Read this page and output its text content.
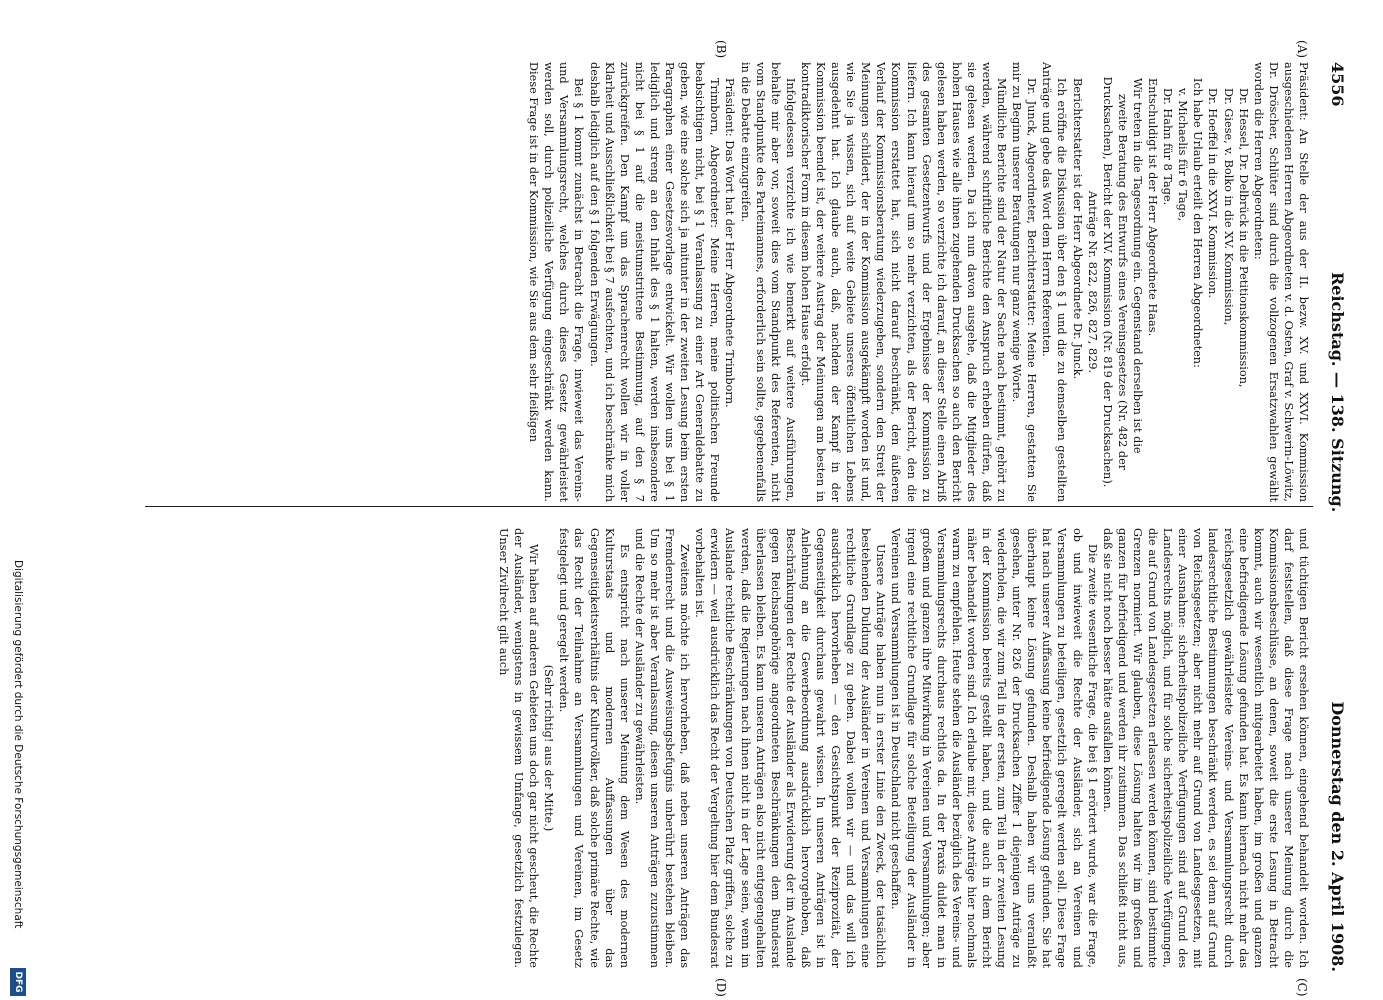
4556
Reichstag. — 138. Sitzung.
Donnerstag den 2. April 1908.
(A)
(B)
(C)
(D)

Präsident: An Stelle der aus der II. bezw. XV. und XXVI. Kommission ausgeschiedenen Herren Abgeordneten v. d. Osten, Graf v. Schwerin-Löwitz, Dr. Dröscher, Schlüter sind durch die vollzogenen Ersatzwahlen gewählt worden die Herren Abgeordneten:

Dr. Hessel, Dr. Delbrück in die Petitionskommission,

Dr. Giese, v. Bolko in die XV. Kommission,

Dr. Hoeffel in die XXVI. Kommission.

Ich habe Urlaub erteilt den Herren Abgeordneten:

v. Michaelis für 6 Tage,

Dr. Hahn für 8 Tage.

Entschuldigt ist der Herr Abgeordnete Haas.

Wir treten in die Tagesordnung ein. Gegenstand derselben ist die

zweite Beratung des Entwurfs eines Vereinsgesetzes (Nr. 482 der Drucksachen), Bericht der XIV. Kommission (Nr. 819 der Drucksachen).

Anträge Nr. 822, 826, 827, 829.

Berichterstatter ist der Herr Abgeordnete Dr. Junck.

Ich eröffne die Diskussion über den § 1 und die zu demselben gestellten Anträge und gebe das Wort dem Herrn Referenten.

Dr. Junck, Abgeordneter, Berichterstatter: Meine Herren, gestatten Sie mir zu Beginn unserer Beratungen nur ganz wenige Worte.

Mündliche Berichte sind der Natur der Sache nach bestimmt, gehört zu werden, während schriftliche Berichte den Anspruch erheben dürfen, daß sie gelesen werden. Da ich nun davon ausgehe, daß die Mitglieder des hohen Hauses wie alle ihnen zugehenden Drucksachen so auch den Bericht gelesen haben werden, so verzichte ich darauf, an dieser Stelle einen Abriß des gesamten Gesetzentwurfs und der Ergebnisse der Kommission zu liefern. Ich kann hierauf um so mehr verzichten, als der Bericht, den die Kommission erstattet hat, sich nicht darauf beschränkt, den äußeren Verlauf der Kommissionsberatung wiederzugeben, sondern den Streit der Meinungen schildert, der in der Kommission ausgekämpft worden ist und, wie Sie ja wissen, sich auf weite Gebiete unseres öffentlichen Lebens ausgedehnt hat. Ich glaube auch, daß, nachdem der Kampf in der Kommission beendet ist, der weitere Austrag der Meinungen am besten in kontradiktorischer Form in diesem hohen Hause erfolgt.

Infolgedessen verzichte ich wie bemerkt auf weitere Ausführungen, behalte mir aber vor, soweit dies vom Standpunkt des Referenten, nicht vom Standpunkte des Parteimannes, erforderlich sein sollte, gegebenenfalls in die Debatte einzugreifen.

Präsident: Das Wort hat der Herr Abgeordnete Trimborn.

Trimborn, Abgeordneter: Meine Herren, meine politischen Freunde beabsichtigen nicht, bei § 1 Veranlassung zu einer Art Generaldebatte zu geben, wie eine solche sich ja mitunter in der zweiten Lesung beim ersten Paragraphen einer Gesetzesvorlage entwickelt. Wir wollen uns bei § 1 lediglich und streng an den Inhalt des § 1 halten, werden insbesondere nicht bei § 1 auf die meistumstrittene Bestimmung, auf den § 7 zurückgreifen. Den Kampf um das Sprachenrecht wollen wir in voller Klarheit und Ausschließlichkeit bei § 7 ausfechten, und ich beschränke mich deshalb lediglich auf den § 1 folgenden Erwägungen.

Bei § 1 kommt zunächst in Betracht die Frage, inwieweit das Vereins- und Versammlungsrecht, welches durch dieses Gesetz gewährleistet werden soll, durch polizeiliche Verfügung eingeschränkt werden kann. Diese Frage ist in der Kommission, wie Sie aus dem sehr fleißigen

und tüchtigen Bericht ersehen können, eingehend behandelt worden. Ich darf feststellen, daß diese Frage nach unserer Meinung durch die Kommissionsbeschlüsse, an denen, soweit die erste Lesung in Betracht kommt, auch wir wesentlich mitgearbeitet haben, im großen und ganzen eine befriedigende Lösung gefunden hat. Es kann hiernach nicht mehr das reichsgesetzlich gewährleistete Vereins- und Versammlungsrecht durch landesrechtliche Bestimmungen beschränkt werden, es sei denn auf Grund von Reichsgesetzen; aber nicht mehr auf Grund von Landesgesetzen, mit einer Ausnahme: sicherheitspolizeiliche Verfügungen sind auf Grund des Landesrechts möglich, und für solche sicherheitspolizeiliche Verfügungen, die auf Grund von Landesgesetzen erlassen werden können, sind bestimmte Grenzen normiert. Wir glauben, diese Lösung halten wir im großen und ganzen für befriedigend und werden ihr zustimmen. Das schließt nicht aus, daß sie nicht noch besser hätte ausfallen können.

Die zweite wesentliche Frage, die bei § 1 erörtert wurde, war die Frage, ob und inwieweit die Rechte der Ausländer, sich an Vereinen und Versammlungen zu beteiligen, gesetzlich geregelt werden soll. Diese Frage hat nach unserer Auffassung keine befriedigende Lösung gefunden. Sie hat überhaupt keine Lösung gefunden. Deshalb haben wir uns veranlaßt gesehen, unter Nr. 826 der Drucksachen Ziffer 1 diejenigen Anträge zu wiederholen, die wir zum Teil in der ersten, zum Teil in der zweiten Lesung in der Kommission bereits gestellt haben, und die auch in dem Bericht näher behandelt worden sind. Ich erlaube mir, diese Anträge hier nochmals warm zu empfehlen. Heute stehen die Ausländer bezüglich des Vereins- und Versammlungsrechts durchaus rechtlos da. In der Praxis duldet man in großem und ganzen ihre Mitwirkung in Vereinen und Versammlungen; aber irgend eine rechtliche Grundlage für solche Beteiligung der Ausländer in Vereinen und Versammlungen ist in Deutschland nicht geschaffen.

Unsere Anträge haben nun in erster Linie den Zweck, der tatsächlich bestehenden Duldung der Ausländer in Vereinen und Versammlungen eine rechtliche Grundlage zu geben. Dabei wollen wir — und das will ich ausdrücklich hervorheben — den Gesichtspunkt der Reziprozität, der Gegenseitigkeit durchaus gewahrt wissen. In unseren Anträgen ist in Anlehnung an die Gewerbeordnung ausdrücklich hervorgehoben, daß Beschränkungen der Rechte der Ausländer als Erwiderung der im Auslande gegen Reichsangehörige angeordneten Beschränkungen dem Bundesrat überlassen bleiben. Es kann unseren Anträgen also nicht entgegengehalten werden, daß die Regierungen nach ihnen nicht in der Lage seien, wenn im Auslande rechtliche Beschränkungen von Deutschen Platz griffen, solche zu erwidern — weil ausdrücklich das Recht der Vergeltung hier dem Bundesrat vorbehalten ist.

Zweitens möchte ich hervorheben, daß neben unseren Anträgen das Fremdenrecht und die Ausweisungsbefugnis unberührt bestehen bleiben. Um so mehr ist aber Veranlassung, diesen unseren Anträgen zuzustimmen und die Rechte der Ausländer zu gewährleisten.

Es entspricht nach unserer Meinung dem Wesen des modernen Kulturstaats und modernen Auffassungen über das Gegenseitigkeitsverhältnis der Kulturvölker, daß solche primäre Rechte, wie das Recht der Teilnahme an Versammlungen und Vereinen, im Gesetz festgelegt und geregelt werden.

(Sehr richtig! aus der Mitte.)

Wir haben auf anderen Gebieten uns doch gar nicht gescheut, die Rechte der Ausländer, wenigstens in gewissem Umfange, gesetzlich festzulegen. Unser Zivilrecht gilt auch

Digitalisierung gefördert durch die Deutsche Forschungsgemeinschaft
DFG
